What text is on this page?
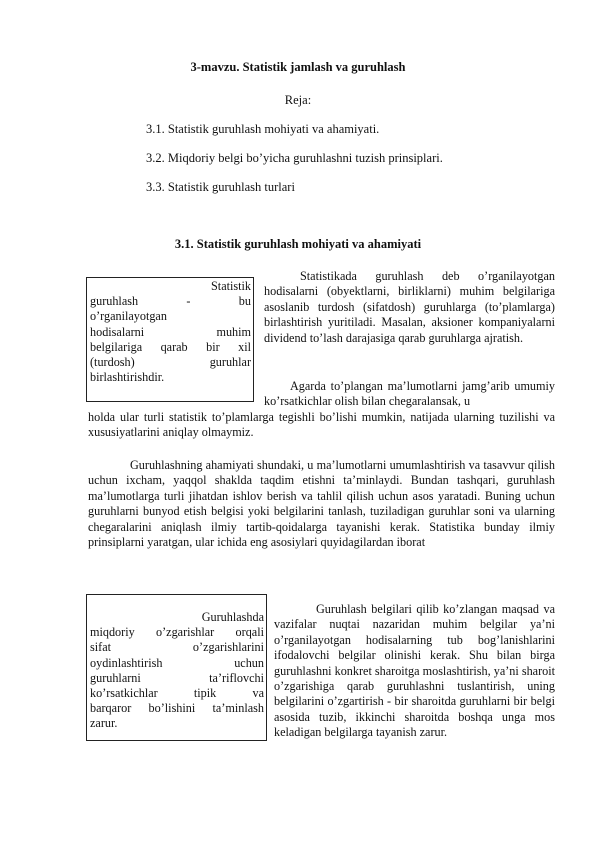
3-mavzu. Statistik jamlash va guruhlash
Reja:
3.1. Statistik guruhlash mohiyati va ahamiyati.
3.2. Miqdoriy belgi bo’yicha guruhlashni tuzish prinsiplari.
3.3. Statistik guruhlash turlari
3.1. Statistik guruhlash mohiyati va ahamiyati
Statistik
guruhlash - bu
o’rganilayotgan
hodisalarni muhim
belgilariga qarab bir xil
(turdosh) guruhlar
birlashtirishdir.
Statistikada guruhlash deb o’rganilayotgan hodisalarni (obyektlarni, birliklarni) muhim belgilariga asoslanib turdosh (sifatdosh) guruhlarga (to’plamlarga) birlashtirish yuritiladi. Masalan, aksioner kompaniyalarni dividend to’lash darajasiga qarab guruhlarga ajratish.
Agarda to’plangan ma’lumotlarni jamg’arib umumiy ko’rsatkichlar olish bilan chegaralansak, u
holda ular turli statistik to’plamlarga tegishli bo’lishi mumkin, natijada ularning tuzilishi va xususiyatlarini aniqlay olmaymiz.
Guruhlashning ahamiyati shundaki, u ma’lumotlarni umumlashtirish va tasavvur qilish uchun ixcham, yaqqol shaklda taqdim etishni ta’minlaydi. Bundan tashqari, guruhlash ma’lumotlarga turli jihatdan ishlov berish va tahlil qilish uchun asos yaratadi. Buning uchun guruhlarni bunyod etish belgisi yoki belgilarini tanlash, tuziladigan guruhlar soni va ularning chegaralarini aniqlash ilmiy tartib-qoidalarga tayanishi kerak. Statistika bunday ilmiy prinsiplarni yaratgan, ular ichida eng asosiylari quyidagilardan iborat
Guruhlashda
miqdoriy o’zgarishlar orqali
sifat o’zgarishlarini
oydinlashtirish uchun
guruhlarni ta’riflovchi
ko’rsatkichlar tipik va
barqaror bo’lishini ta’minlash
zarur.
Guruhlash belgilari qilib ko’zlangan maqsad va vazifalar nuqtai nazaridan muhim belgilar ya’ni o’rganilayotgan hodisalarning tub bog’lanishlarini ifodalovchi belgilar olinishi kerak. Shu bilan birga guruhlashni konkret sharoitga moslashtirish, ya’ni sharoit o’zgarishiga qarab guruhlashni tuslantirish, uning belgilarini o’zgartirish - bir sharoitda guruhlarni bir belgi asosida tuzib, ikkinchi sharoitda boshqa unga mos keladigan belgilarga tayanish zarur.
